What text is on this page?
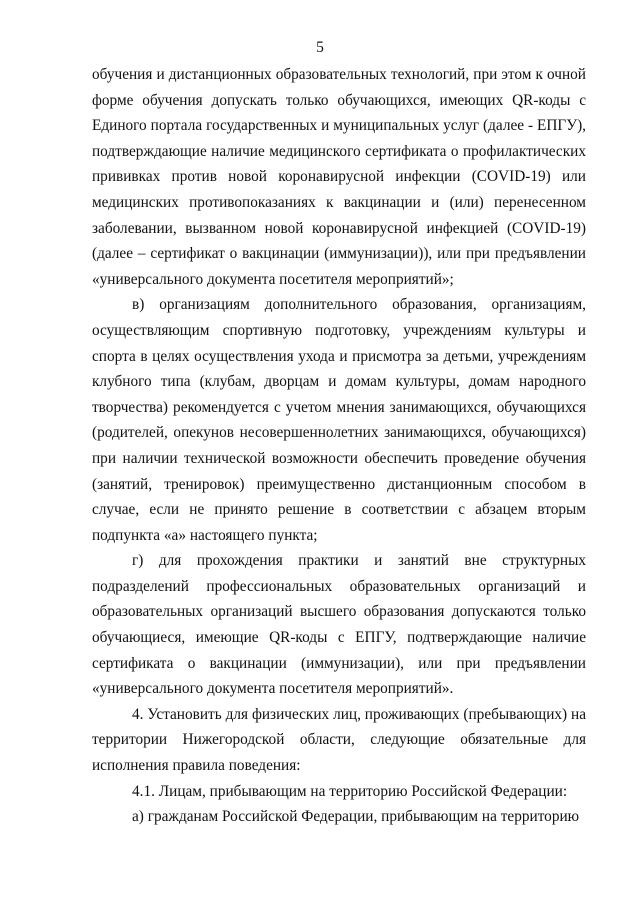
5

обучения и дистанционных образовательных технологий, при этом к очной форме обучения допускать только обучающихся, имеющих QR-коды с Единого портала государственных и муниципальных услуг (далее - ЕПГУ), подтверждающие наличие медицинского сертификата о профилактических прививках против новой коронавирусной инфекции (COVID-19) или медицинских противопоказаниях к вакцинации и (или) перенесенном заболевании, вызванном новой коронавирусной инфекцией (COVID-19) (далее – сертификат о вакцинации (иммунизации)), или при предъявлении «универсального документа посетителя мероприятий»;

в) организациям дополнительного образования, организациям, осуществляющим спортивную подготовку, учреждениям культуры и спорта в целях осуществления ухода и присмотра за детьми, учреждениям клубного типа (клубам, дворцам и домам культуры, домам народного творчества) рекомендуется с учетом мнения занимающихся, обучающихся (родителей, опекунов несовершеннолетних занимающихся, обучающихся) при наличии технической возможности обеспечить проведение обучения (занятий, тренировок) преимущественно дистанционным способом в случае, если не принято решение в соответствии с абзацем вторым подпункта «а» настоящего пункта;

г) для прохождения практики и занятий вне структурных подразделений профессиональных образовательных организаций и образовательных организаций высшего образования допускаются только обучающиеся, имеющие QR-коды с ЕПГУ, подтверждающие наличие сертификата о вакцинации (иммунизации), или при предъявлении «универсального документа посетителя мероприятий».

4. Установить для физических лиц, проживающих (пребывающих) на территории Нижегородской области, следующие обязательные для исполнения правила поведения:

4.1. Лицам, прибывающим на территорию Российской Федерации:

а) гражданам Российской Федерации, прибывающим на территорию
